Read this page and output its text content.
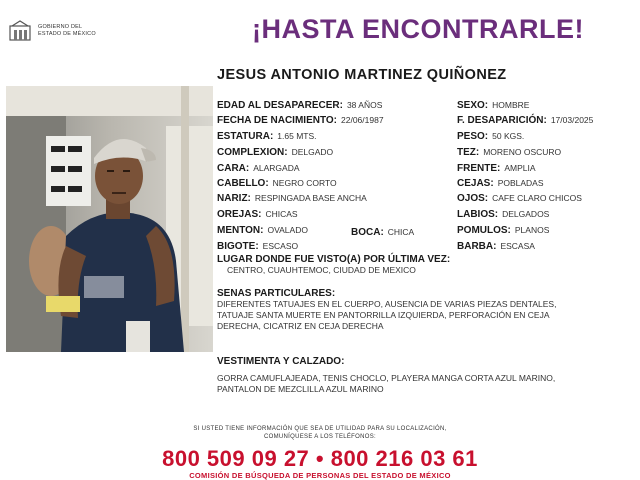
GOBIERNO DEL
ESTADO DE MÉXICO	¡HASTA ENCONTRARLE!
JESUS ANTONIO MARTINEZ QUIÑONEZ
EDAD AL DESAPARECER: 38 AÑOS
FECHA DE NACIMIENTO: 22/06/1987
ESTATURA: 1.65 MTS.
COMPLEXION: DELGADO
CARA: ALARGADA
CABELLO: NEGRO CORTO
NARIZ: RESPINGADA BASE ANCHA
OREJAS: CHICAS
MENTON: OVALADO
BIGOTE: ESCASO
BOCA: CHICA
SEXO: HOMBRE
F. DESAPARICIÓN: 17/03/2025
PESO: 50 KGS.
TEZ: MORENO OSCURO
FRENTE: AMPLIA
CEJAS: POBLADAS
OJOS: CAFE CLARO CHICOS
LABIOS: DELGADOS
POMULOS: PLANOS
BARBA: ESCASA
LUGAR DONDE FUE VISTO(A) POR ÚLTIMA VEZ:
CENTRO, CUAUHTEMOC, CIUDAD DE MEXICO
SENAS PARTICULARES:
DIFERENTES TATUAJES EN EL CUERPO, AUSENCIA DE VARIAS PIEZAS DENTALES,
TATUAJE SANTA MUERTE EN PANTORRILLA IZQUIERDA, PERFORACIÓN EN CEJA
DERECHA, CICATRIZ EN CEJA DERECHA
VESTIMENTA Y CALZADO:
GORRA CAMUFLAJEADA, TENIS CHOCLO, PLAYERA MANGA CORTA AZUL MARINO,
PANTALON DE MEZCLILLA AZUL MARINO
SI USTED TIENE INFORMACIÓN QUE SEA DE UTILIDAD PARA SU LOCALIZACIÓN,
COMUNÍQUESE A LOS TELÉFONOS:
800 509 09 27 • 800 216 03 61
COMISIÓN DE BÚSQUEDA DE PERSONAS DEL ESTADO DE MÉXICO
